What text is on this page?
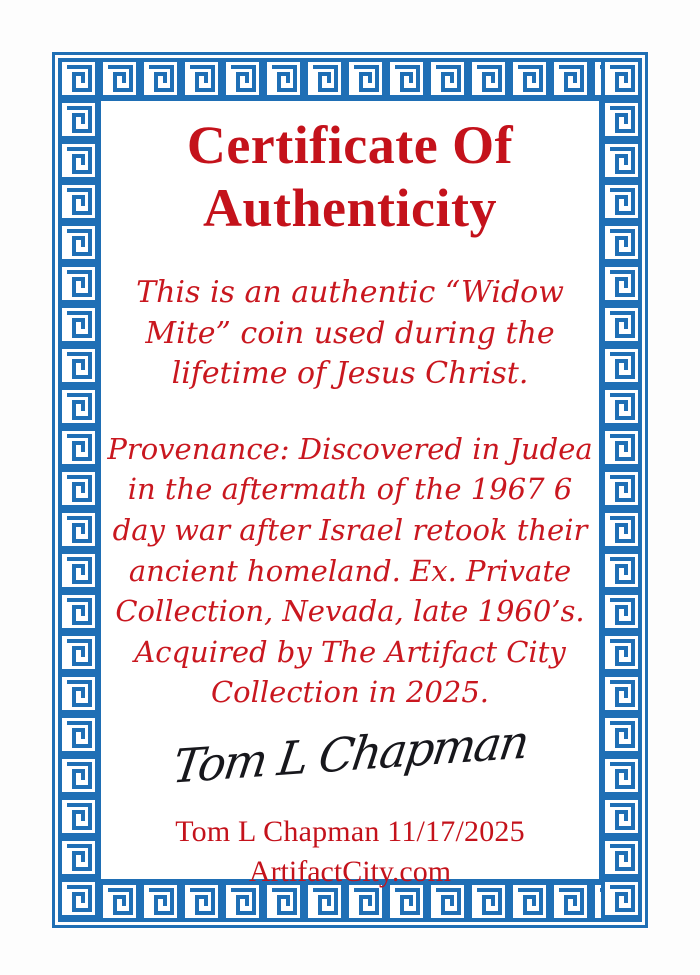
Certificate Of
Authenticity

This is an authentic “Widow Mite” coin used during the lifetime of Jesus Christ.

Provenance: Discovered in Judea in the aftermath of the 1967 6 day war after Israel retook their ancient homeland. Ex. Private Collection, Nevada, late 1960’s. Acquired by The Artifact City Collection in 2025.

Tom L Chapman
Tom L Chapman 11/17/2025
ArtifactCity.com
